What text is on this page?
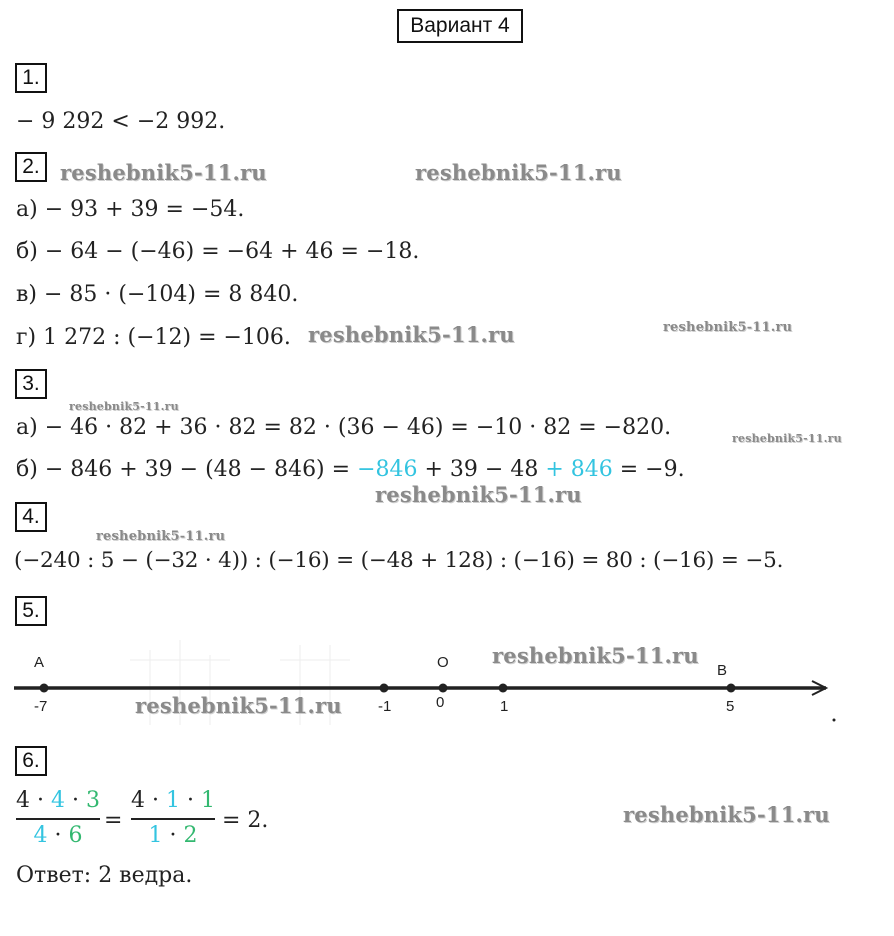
Вариант 4
1.
− 9 292 < −2 992.
2.
а) − 93 + 39 = −54.
б) − 64 − (−46) = −64 + 46 = −18.
в) − 85 · (−104) = 8 840.
г) 1 272 : (−12) = −106.
3.
а) − 46 · 82 + 36 · 82 = 82 · (36 − 46) = −10 · 82 = −820.
б) − 846 + 39 − (48 − 846) = −846 + 39 − 48 + 846 = −9.
4.
(−240 : 5 − (−32 · 4)) : (−16) = (−48 + 128) : (−16) = 80 : (−16) = −5.
5.
A	O	B
-7	-1	0	1	5
6.
4 · 4 · 3
4 · 6
=
4 · 1 · 1
1 · 2
= 2.
Ответ: 2 ведра.
reshebnik5-11.ru	reshebnik5-11.ru
reshebnik5-11.ru	reshebnik5-11.ru
reshebnik5-11.ru
reshebnik5-11.ru
reshebnik5-11.ru
reshebnik5-11.ru
reshebnik5-11.ru
reshebnik5-11.ru
reshebnik5-11.ru
